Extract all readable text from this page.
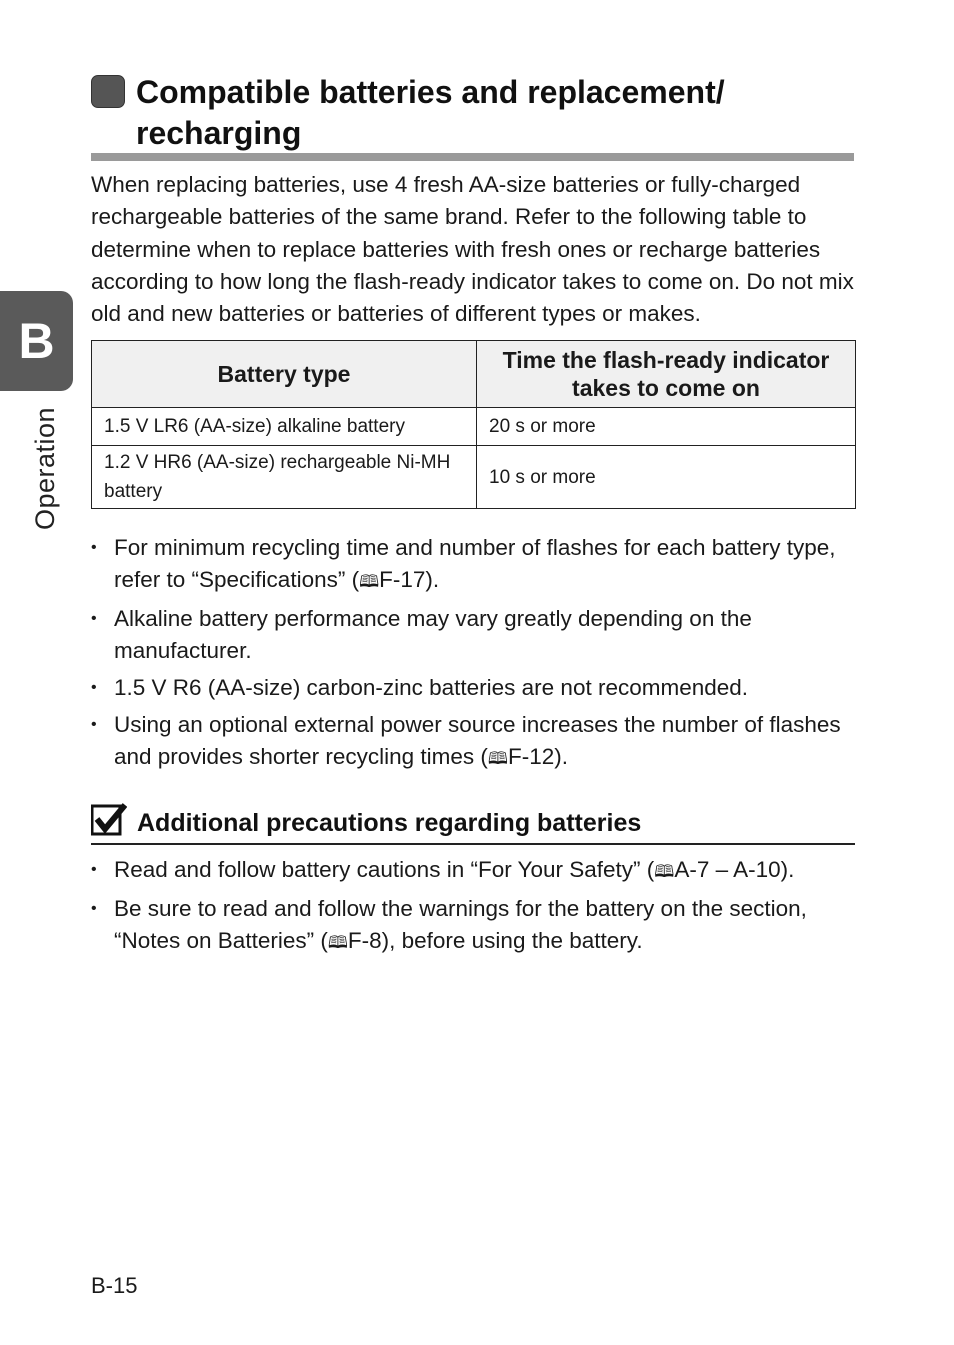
B
Operation
Compatible batteries and replacement/ recharging

When replacing batteries, use 4 fresh AA-size batteries or fully-charged rechargeable batteries of the same brand. Refer to the following table to determine when to replace batteries with fresh ones or recharge batteries according to how long the flash-ready indicator takes to come on. Do not mix old and new batteries or batteries of different types or makes.

Battery type	Time the flash-ready indicator takes to come on
1.5 V LR6 (AA-size) alkaline battery	20 s or more
1.2 V HR6 (AA-size) rechargeable Ni-MH battery	10 s or more
• For minimum recycling time and number of flashes for each battery type, refer to “Specifications” (🕮F-17).
• Alkaline battery performance may vary greatly depending on the manufacturer.
• 1.5 V R6 (AA-size) carbon-zinc batteries are not recommended.
• Using an optional external power source increases the number of flashes and provides shorter recycling times (🕮F-12).
Additional precautions regarding batteries
• Read and follow battery cautions in “For Your Safety” (🕮A-7 – A-10).
• Be sure to read and follow the warnings for the battery on the section, “Notes on Batteries” (🕮F-8), before using the battery.
B-15
